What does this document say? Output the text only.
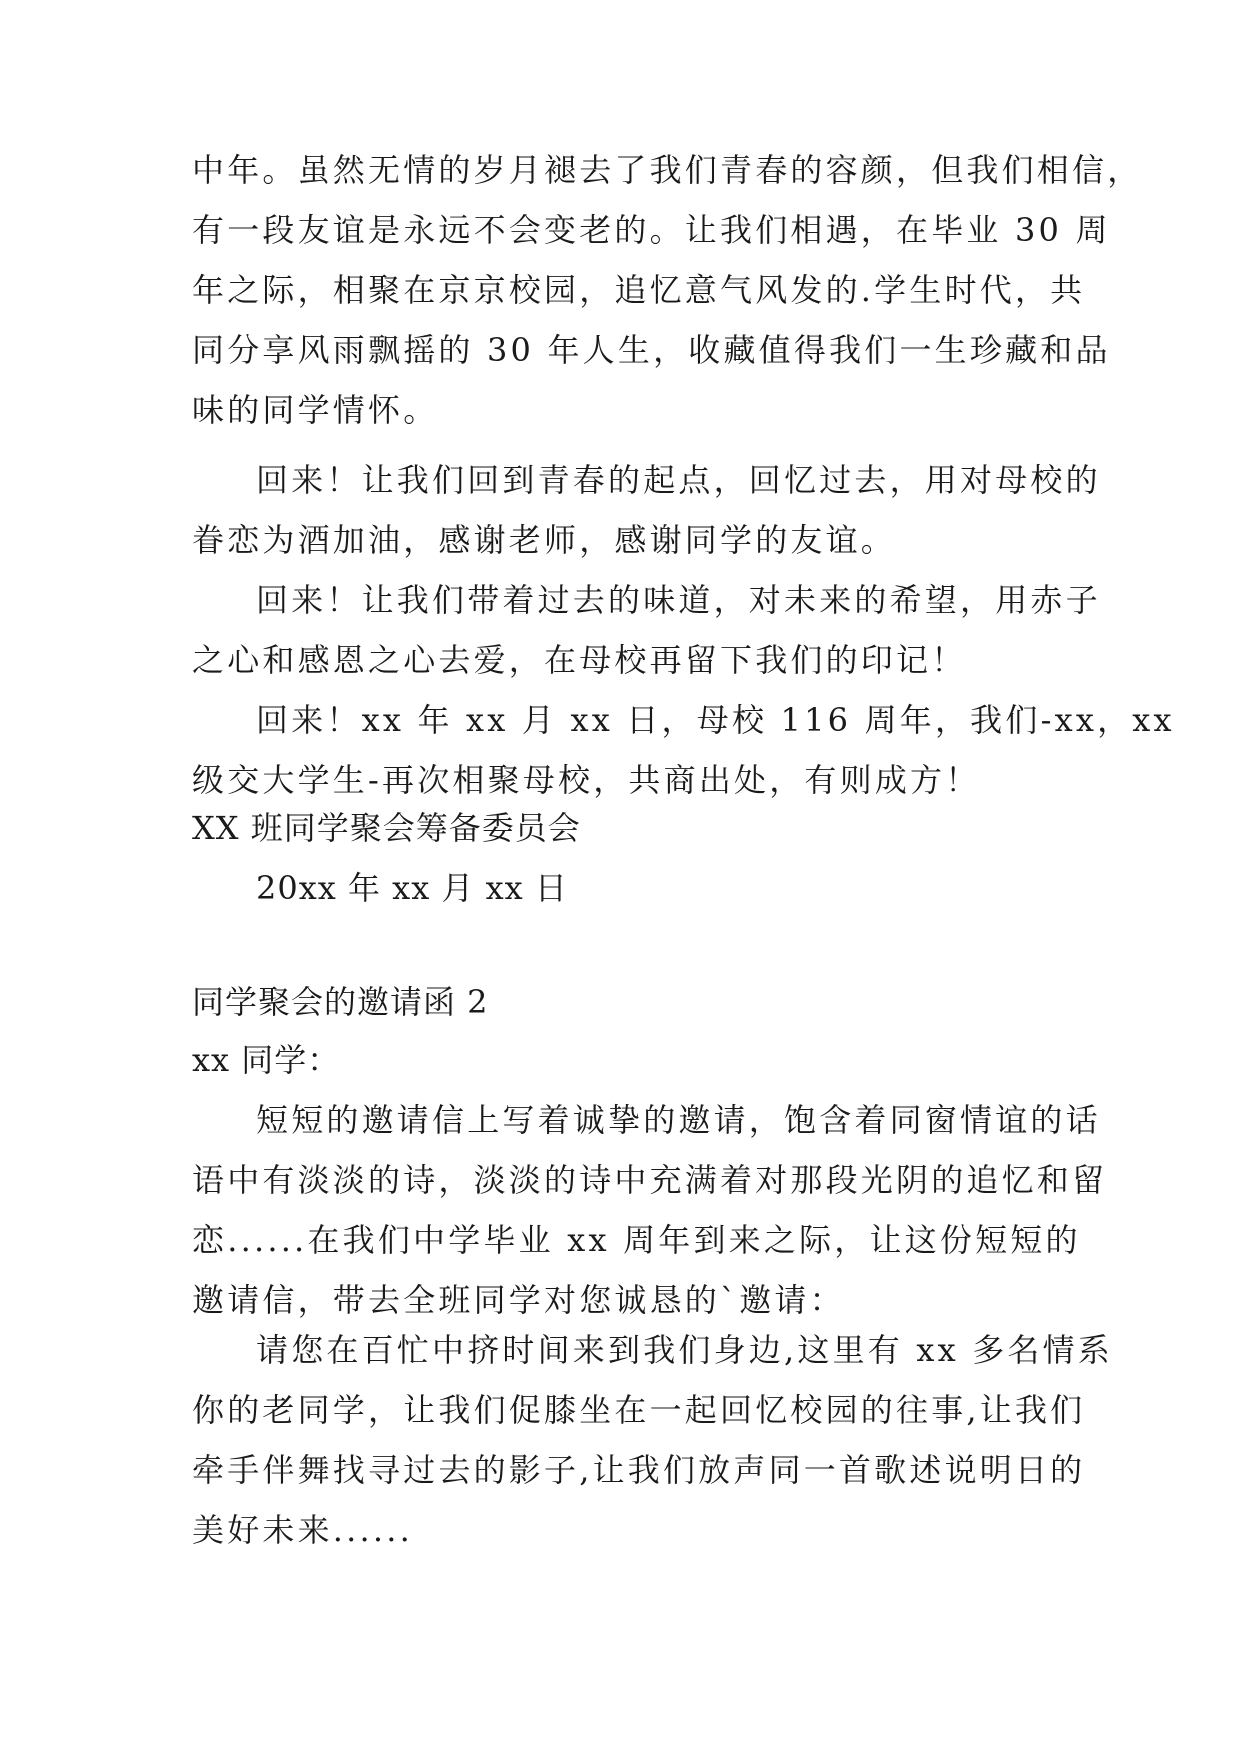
中年。虽然无情的岁月褪去了我们青春的容颜，但我们相信，
有一段友谊是永远不会变老的。让我们相遇，在毕业 30 周
年之际，相聚在京京校园，追忆意气风发的.学生时代，共
同分享风雨飘摇的 30 年人生，收藏值得我们一生珍藏和品
味的同学情怀。
回来！让我们回到青春的起点，回忆过去，用对母校的
眷恋为酒加油，感谢老师，感谢同学的友谊。
回来！让我们带着过去的味道，对未来的希望，用赤子
之心和感恩之心去爱，在母校再留下我们的印记！
回来！xx 年 xx 月 xx 日，母校 116 周年，我们-xx，xx
级交大学生-再次相聚母校，共商出处，有则成方！
XX 班同学聚会筹备委员会
20xx 年 xx 月 xx 日
同学聚会的邀请函 2
xx 同学：
短短的邀请信上写着诚挚的邀请，饱含着同窗情谊的话
语中有淡淡的诗，淡淡的诗中充满着对那段光阴的追忆和留
恋......在我们中学毕业 xx 周年到来之际，让这份短短的
邀请信，带去全班同学对您诚恳的`邀请：
请您在百忙中挤时间来到我们身边,这里有 xx 多名情系
你的老同学，让我们促膝坐在一起回忆校园的往事,让我们
牵手伴舞找寻过去的影子,让我们放声同一首歌述说明日的
美好未来......
